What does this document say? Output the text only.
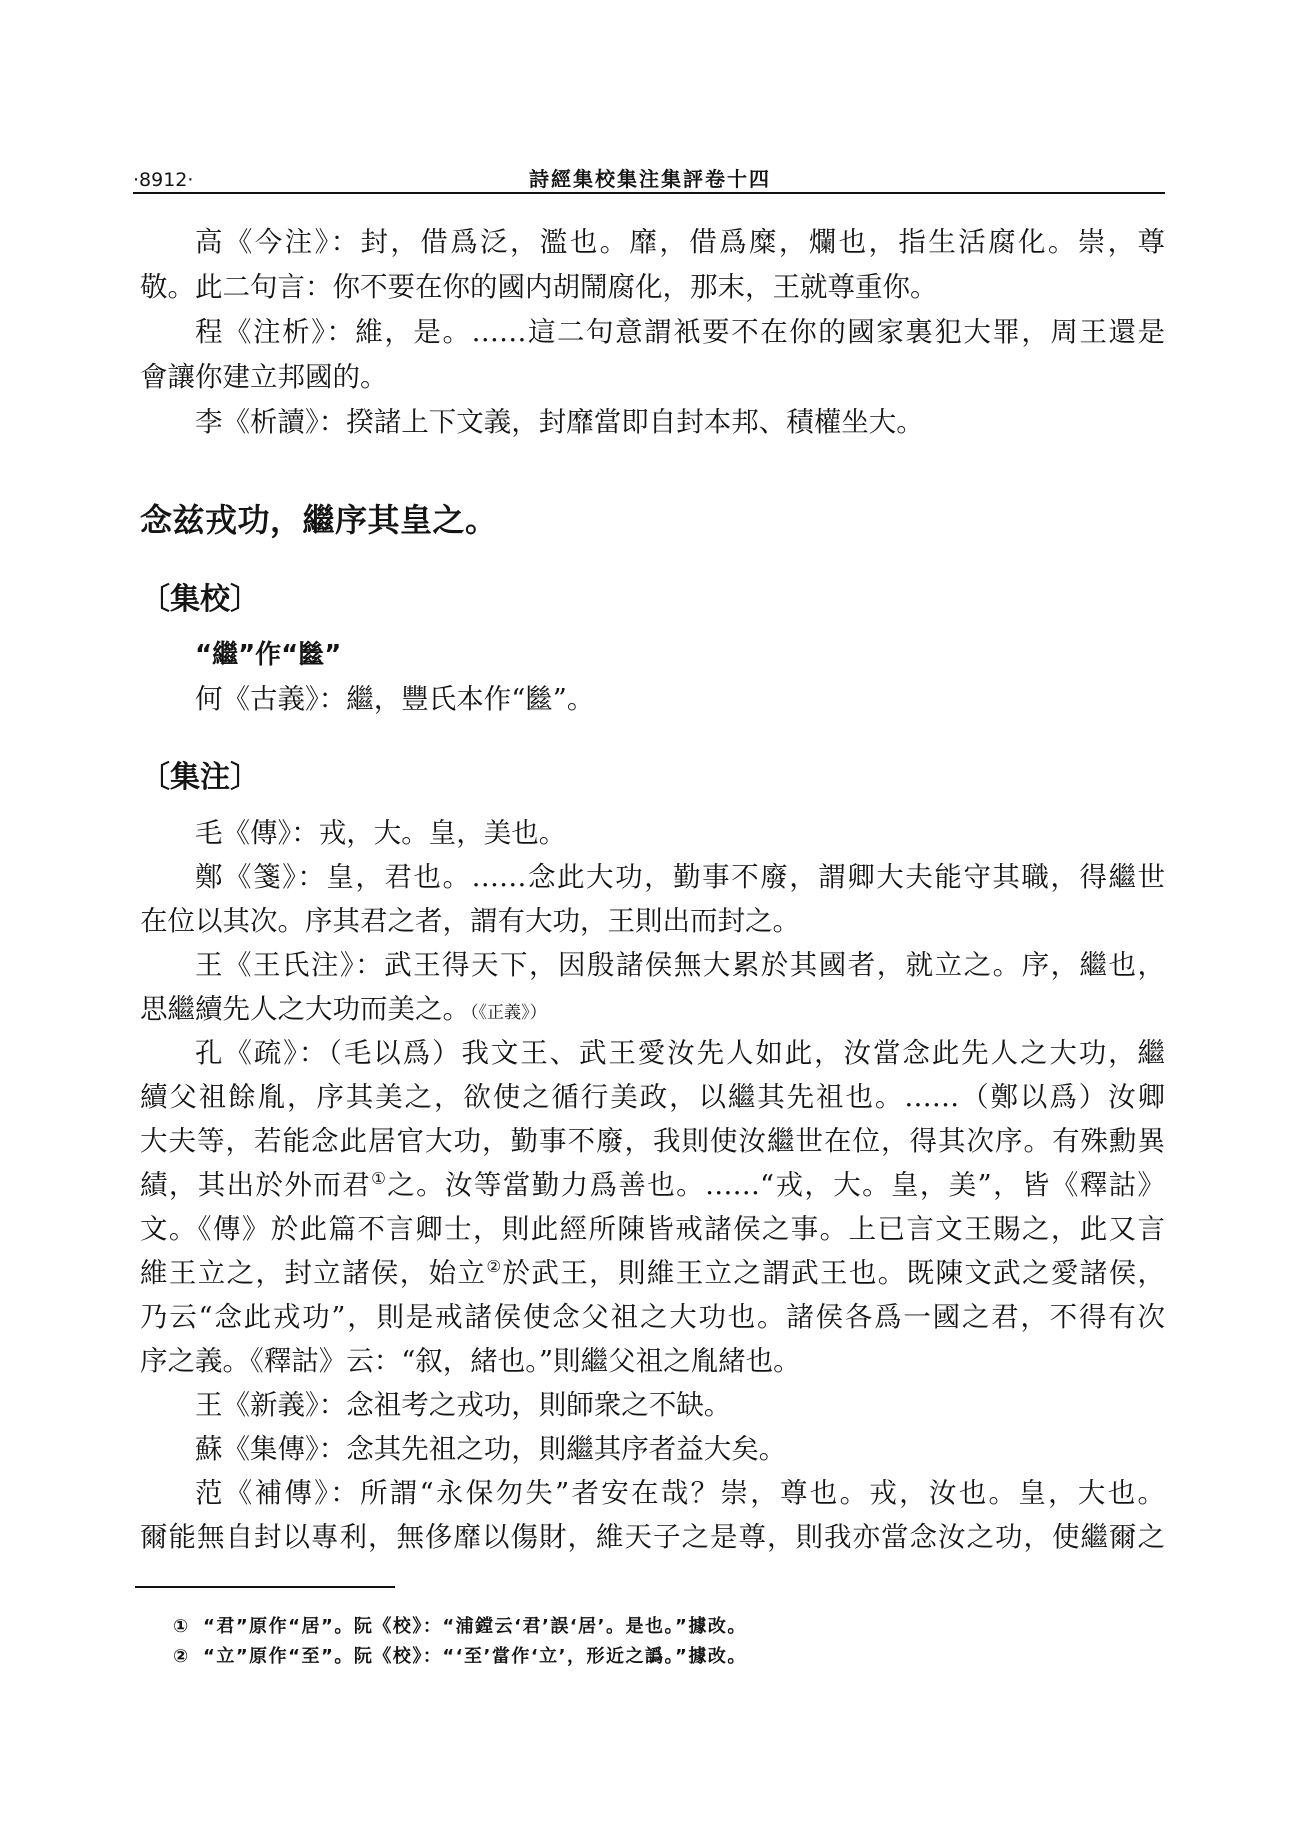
·8912·	詩經集校集注集評卷十四
高《今注》：封，借爲泛，濫也。靡，借爲糜，爛也，指生活腐化。崇，尊
敬。此二句言：你不要在你的國内胡鬧腐化，那末，王就尊重你。
程《注析》：維，是。……這二句意謂衹要不在你的國家裏犯大罪，周王還是
會讓你建立邦國的。
李《析讀》：揆諸上下文義，封靡當即自封本邦、積權坐大。
念兹戎功，繼序其皇之。
〔集校〕
“繼”作“㡭”
何《古義》：繼，豐氏本作“㡭”。
〔集注〕
毛《傳》：戎，大。皇，美也。
鄭《箋》：皇，君也。……念此大功，勤事不廢，謂卿大夫能守其職，得繼世
在位以其次。序其君之者，謂有大功，王則出而封之。
王《王氏注》：武王得天下，因殷諸侯無大累於其國者，就立之。序，繼也，
思繼續先人之大功而美之。（《正義》）
孔《疏》：（毛以爲）我文王、武王愛汝先人如此，汝當念此先人之大功，繼
續父祖餘胤，序其美之，欲使之循行美政，以繼其先祖也。……（鄭以爲）汝卿
大夫等，若能念此居官大功，勤事不廢，我則使汝繼世在位，得其次序。有殊勳異
績，其出於外而君①之。汝等當勤力爲善也。……“戎，大。皇，美”，皆《釋詁》
文。《傳》於此篇不言卿士，則此經所陳皆戒諸侯之事。上已言文王賜之，此又言
維王立之，封立諸侯，始立②於武王，則維王立之謂武王也。既陳文武之愛諸侯，
乃云“念此戎功”，則是戒諸侯使念父祖之大功也。諸侯各爲一國之君，不得有次
序之義。《釋詁》云：“叙，緒也。”則繼父祖之胤緒也。
王《新義》：念祖考之戎功，則師衆之不缺。
蘇《集傳》：念其先祖之功，則繼其序者益大矣。
范《補傳》：所謂“永保勿失”者安在哉？崇，尊也。戎，汝也。皇，大也。
爾能無自封以專利，無侈靡以傷財，維天子之是尊，則我亦當念汝之功，使繼爾之
① “君”原作“居”。阮《校》：“浦鏜云‘君’誤‘居’。是也。”據改。
② “立”原作“至”。阮《校》：“‘至’當作‘立’，形近之譌。”據改。
